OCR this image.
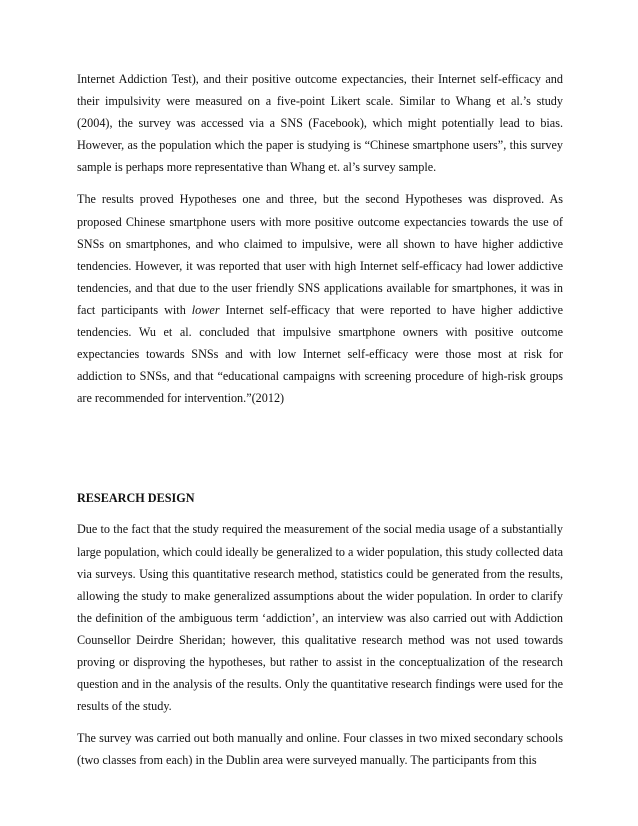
Internet Addiction Test), and their positive outcome expectancies, their Internet self-efficacy and their impulsivity were measured on a five-point Likert scale. Similar to Whang et al.’s study (2004), the survey was accessed via a SNS (Facebook), which might potentially lead to bias. However, as the population which the paper is studying is “Chinese smartphone users”, this survey sample is perhaps more representative than Whang et. al’s survey sample.

The results proved Hypotheses one and three, but the second Hypotheses was disproved. As proposed Chinese smartphone users with more positive outcome expectancies towards the use of SNSs on smartphones, and who claimed to impulsive, were all shown to have higher addictive tendencies. However, it was reported that user with high Internet self-efficacy had lower addictive tendencies, and that due to the user friendly SNS applications available for smartphones, it was in fact participants with lower Internet self-efficacy that were reported to have higher addictive tendencies. Wu et al. concluded that impulsive smartphone owners with positive outcome expectancies towards SNSs and with low Internet self-efficacy were those most at risk for addiction to SNSs, and that “educational campaigns with screening procedure of high-risk groups are recommended for intervention.”(2012)

RESEARCH DESIGN

Due to the fact that the study required the measurement of the social media usage of a substantially large population, which could ideally be generalized to a wider population, this study collected data via surveys. Using this quantitative research method, statistics could be generated from the results, allowing the study to make generalized assumptions about the wider population. In order to clarify the definition of the ambiguous term ‘addiction’, an interview was also carried out with Addiction Counsellor Deirdre Sheridan; however, this qualitative research method was not used towards proving or disproving the hypotheses, but rather to assist in the conceptualization of the research question and in the analysis of the results. Only the quantitative research findings were used for the results of the study.

The survey was carried out both manually and online. Four classes in two mixed secondary schools (two classes from each) in the Dublin area were surveyed manually. The participants from this
